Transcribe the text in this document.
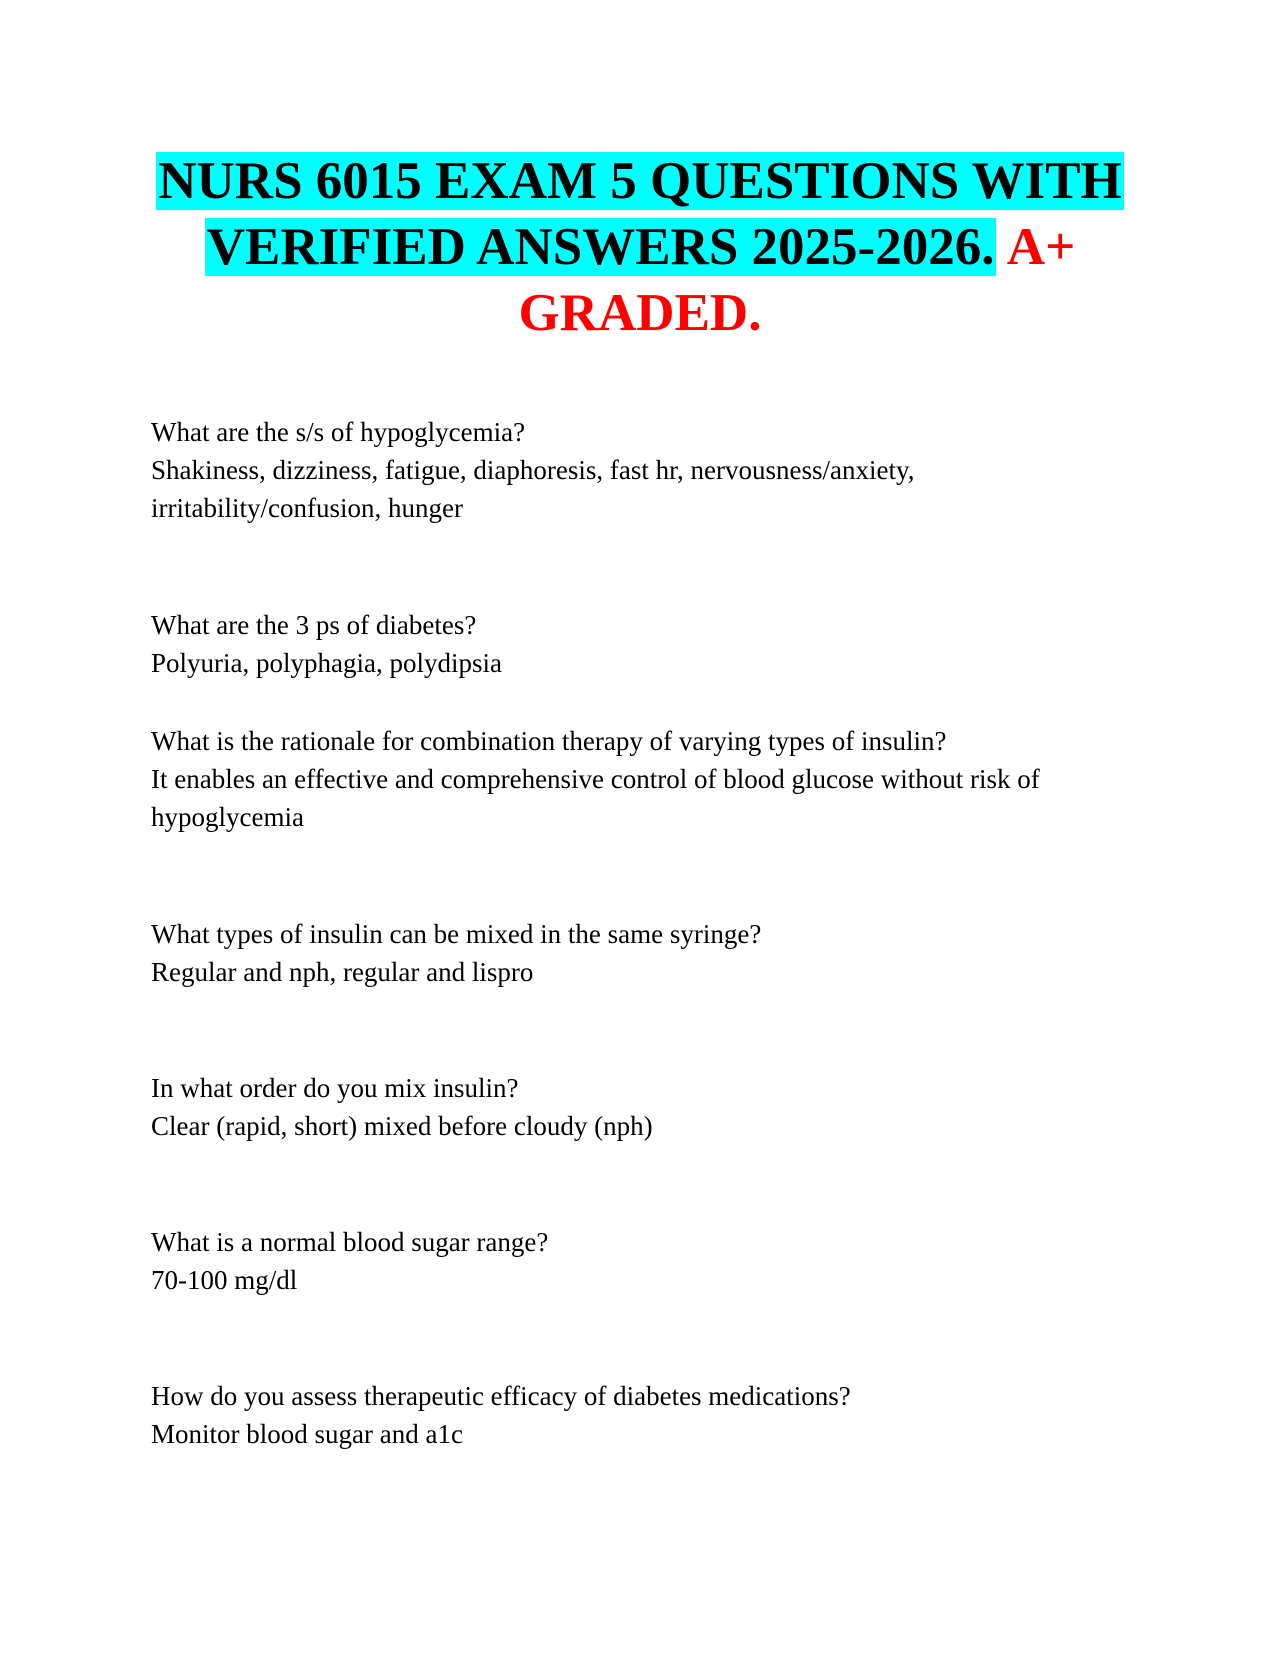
NURS 6015 EXAM 5 QUESTIONS WITH
VERIFIED ANSWERS 2025-2026. A+
GRADED.

What are the s/s of hypoglycemia?

Shakiness, dizziness, fatigue, diaphoresis, fast hr, nervousness/anxiety, irritability/confusion, hunger

What are the 3 ps of diabetes?

Polyuria, polyphagia, polydipsia

What is the rationale for combination therapy of varying types of insulin?

It enables an effective and comprehensive control of blood glucose without risk of hypoglycemia

What types of insulin can be mixed in the same syringe?

Regular and nph, regular and lispro

In what order do you mix insulin?

Clear (rapid, short) mixed before cloudy (nph)

What is a normal blood sugar range?

70-100 mg/dl

How do you assess therapeutic efficacy of diabetes medications?

Monitor blood sugar and a1c
